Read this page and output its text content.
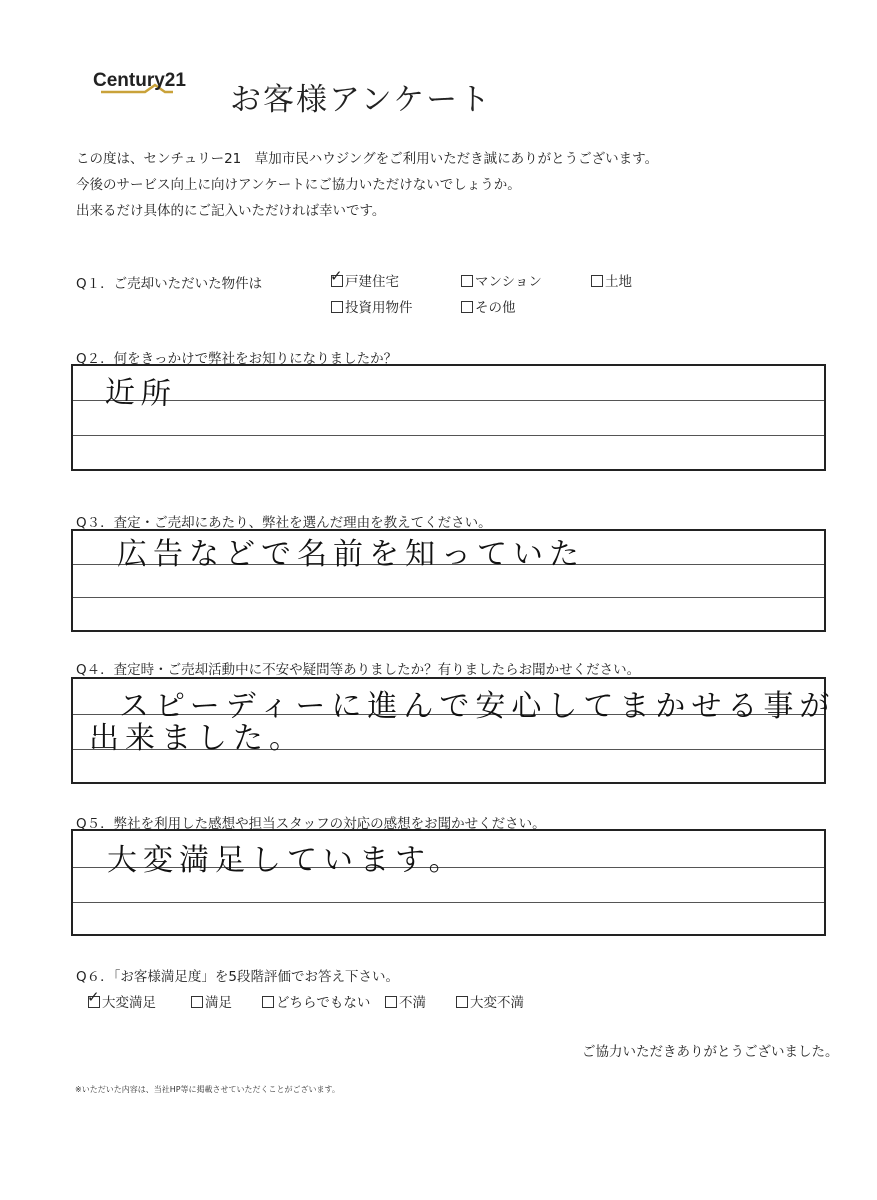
Century21
お客様アンケート
この度は、センチュリー21　草加市民ハウジングをご利用いただき誠にありがとうございます。
今後のサービス向上に向けアンケートにご協力いただけないでしょうか。
出来るだけ具体的にご記入いただければ幸いです。
Q１．ご売却いただいた物件は	✓ 戸建住宅	マンション	土地
投資用物件	その他
Q２．何をきっかけで弊社をお知りになりましたか？
近所
Q３．査定・ご売却にあたり、弊社を選んだ理由を教えてください。
広告などで名前を知っていた
Q４．査定時・ご売却活動中に不安や疑問等ありましたか？有りましたらお聞かせください。
スピーディーに進んで安心してまかせる事が
出来ました。
Q５．弊社を利用した感想や担当スタッフの対応の感想をお聞かせください。
大変満足しています。
Q６．「お客様満足度」を5段階評価でお答え下さい。
✓ 大変満足	満足	どちらでもない	不満	大変不満
ご協力いただきありがとうございました。
※いただいた内容は、当社HP等に掲載させていただくことがございます。
